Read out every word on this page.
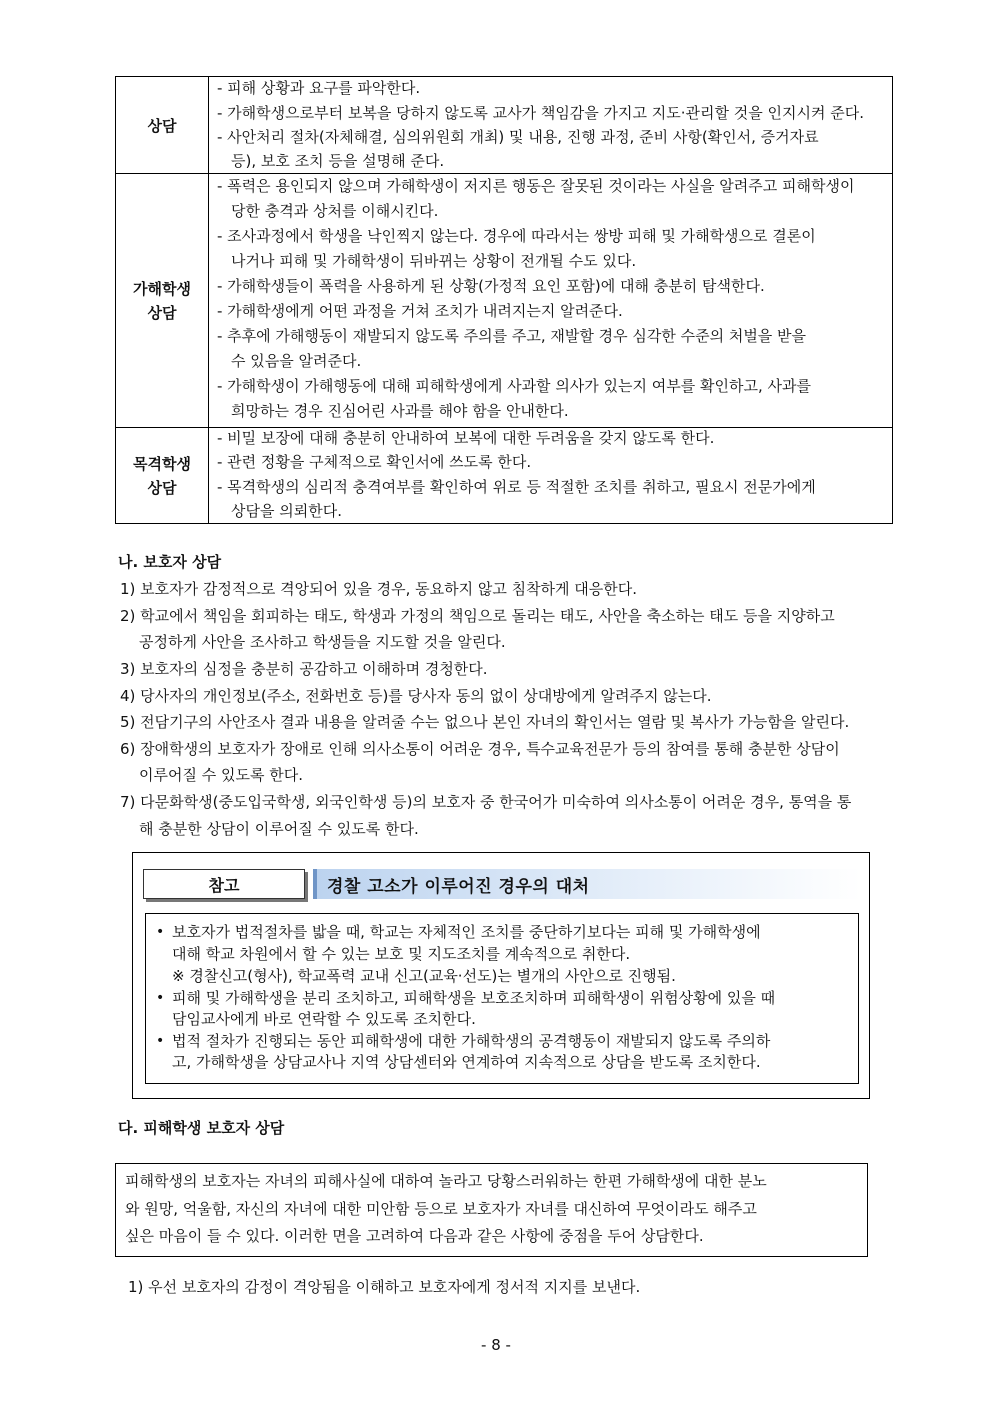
상담
- 피해 상황과 요구를 파악한다.
- 가해학생으로부터 보복을 당하지 않도록 교사가 책임감을 가지고 지도·관리할 것을 인지시켜 준다.
- 사안처리 절차(자체해결, 심의위원회 개최) 및 내용, 진행 과정, 준비 사항(확인서, 증거자료
등), 보호 조치 등을 설명해 준다.
가해학생
상담
- 폭력은 용인되지 않으며 가해학생이 저지른 행동은 잘못된 것이라는 사실을 알려주고 피해학생이
당한 충격과 상처를 이해시킨다.
- 조사과정에서 학생을 낙인찍지 않는다. 경우에 따라서는 쌍방 피해 및 가해학생으로 결론이
나거나 피해 및 가해학생이 뒤바뀌는 상황이 전개될 수도 있다.
- 가해학생들이 폭력을 사용하게 된 상황(가정적 요인 포함)에 대해 충분히 탐색한다.
- 가해학생에게 어떤 과정을 거쳐 조치가 내려지는지 알려준다.
- 추후에 가해행동이 재발되지 않도록 주의를 주고, 재발할 경우 심각한 수준의 처벌을 받을
수 있음을 알려준다.
- 가해학생이 가해행동에 대해 피해학생에게 사과할 의사가 있는지 여부를 확인하고, 사과를
희망하는 경우 진심어린 사과를 해야 함을 안내한다.
목격학생
상담
- 비밀 보장에 대해 충분히 안내하여 보복에 대한 두려움을 갖지 않도록 한다.
- 관련 정황을 구체적으로 확인서에 쓰도록 한다.
- 목격학생의 심리적 충격여부를 확인하여 위로 등 적절한 조치를 취하고, 필요시 전문가에게
상담을 의뢰한다.
나. 보호자 상담
1) 보호자가 감정적으로 격앙되어 있을 경우, 동요하지 않고 침착하게 대응한다.
2) 학교에서 책임을 회피하는 태도, 학생과 가정의 책임으로 돌리는 태도, 사안을 축소하는 태도 등을 지양하고
공정하게 사안을 조사하고 학생들을 지도할 것을 알린다.
3) 보호자의 심정을 충분히 공감하고 이해하며 경청한다.
4) 당사자의 개인정보(주소, 전화번호 등)를 당사자 동의 없이 상대방에게 알려주지 않는다.
5) 전담기구의 사안조사 결과 내용을 알려줄 수는 없으나 본인 자녀의 확인서는 열람 및 복사가 가능함을 알린다.
6) 장애학생의 보호자가 장애로 인해 의사소통이 어려운 경우, 특수교육전문가 등의 참여를 통해 충분한 상담이
이루어질 수 있도록 한다.
7) 다문화학생(중도입국학생, 외국인학생 등)의 보호자 중 한국어가 미숙하여 의사소통이 어려운 경우, 통역을 통
해 충분한 상담이 이루어질 수 있도록 한다.
참고	경찰 고소가 이루어진 경우의 대처
• 보호자가 법적절차를 밟을 때, 학교는 자체적인 조치를 중단하기보다는 피해 및 가해학생에
대해 학교 차원에서 할 수 있는 보호 및 지도조치를 계속적으로 취한다.
※ 경찰신고(형사), 학교폭력 교내 신고(교육·선도)는 별개의 사안으로 진행됨.
• 피해 및 가해학생을 분리 조치하고, 피해학생을 보호조치하며 피해학생이 위험상황에 있을 때
담임교사에게 바로 연락할 수 있도록 조치한다.
• 법적 절차가 진행되는 동안 피해학생에 대한 가해학생의 공격행동이 재발되지 않도록 주의하
고, 가해학생을 상담교사나 지역 상담센터와 연계하여 지속적으로 상담을 받도록 조치한다.
다. 피해학생 보호자 상담
피해학생의 보호자는 자녀의 피해사실에 대하여 놀라고 당황스러워하는 한편 가해학생에 대한 분노
와 원망, 억울함, 자신의 자녀에 대한 미안함 등으로 보호자가 자녀를 대신하여 무엇이라도 해주고
싶은 마음이 들 수 있다. 이러한 면을 고려하여 다음과 같은 사항에 중점을 두어 상담한다.
1) 우선 보호자의 감정이 격앙됨을 이해하고 보호자에게 정서적 지지를 보낸다.
- 8 -
